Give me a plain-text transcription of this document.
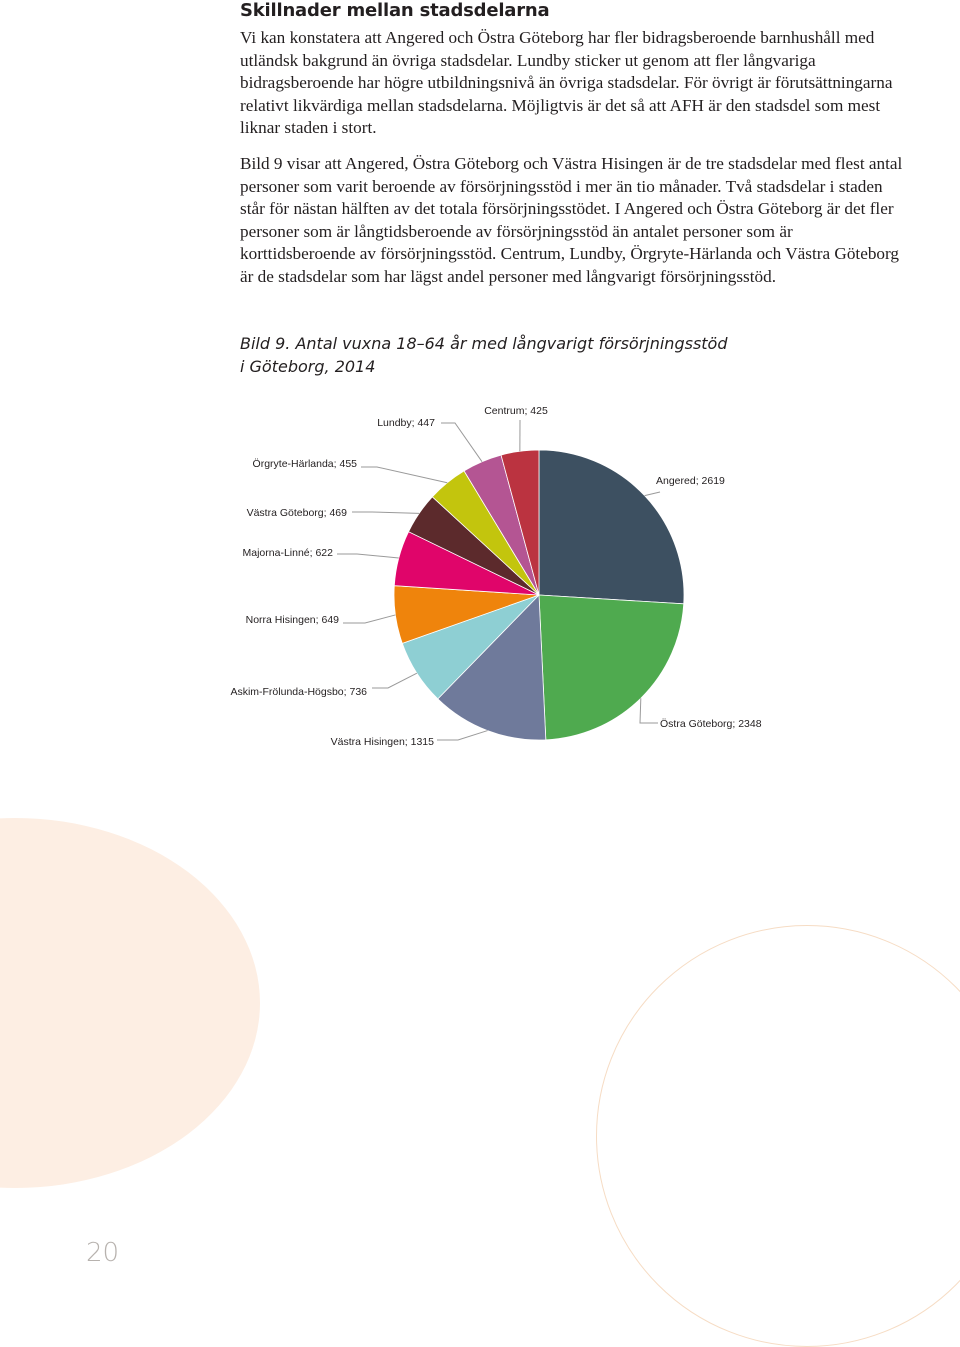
Skillnader mellan stadsdelarna

Vi kan konstatera att Angered och Östra Göteborg har fler bidragsberoende barnhushåll med utländsk bakgrund än övriga stadsdelar. Lundby sticker ut genom att fler långvariga bidragsberoende har högre utbildningsnivå än övriga stadsdelar. För övrigt är förutsättningarna relativt likvärdiga mellan stadsdelarna. Möjligtvis är det så att AFH är den stadsdel som mest liknar staden i stort.

Bild 9 visar att Angered, Östra Göteborg och Västra Hisingen är de tre stadsdelar med flest antal personer som varit beroende av försörjningsstöd i mer än tio månader. Två stadsdelar i staden står för nästan hälften av det totala försörjningsstödet. I Angered och Östra Göteborg är det fler personer som är långtidsberoende av försörjningsstöd än antalet personer som är korttidsberoende av försörjningsstöd. Centrum, Lundby, Örgryte-Härlanda och Västra Göteborg är de stadsdelar som har lägst andel personer med långvarigt försörjningsstöd.

Bild 9. Antal vuxna 18–64 år med långvarigt försörjningsstöd
i Göteborg, 2014
Angered; 2619
Östra Göteborg; 2348
Västra Hisingen; 1315
Askim-Frölunda-Högsbo; 736
Norra Hisingen; 649
Majorna-Linné; 622
Västra Göteborg; 469
Örgryte-Härlanda; 455
Lundby; 447
Centrum; 425
20
